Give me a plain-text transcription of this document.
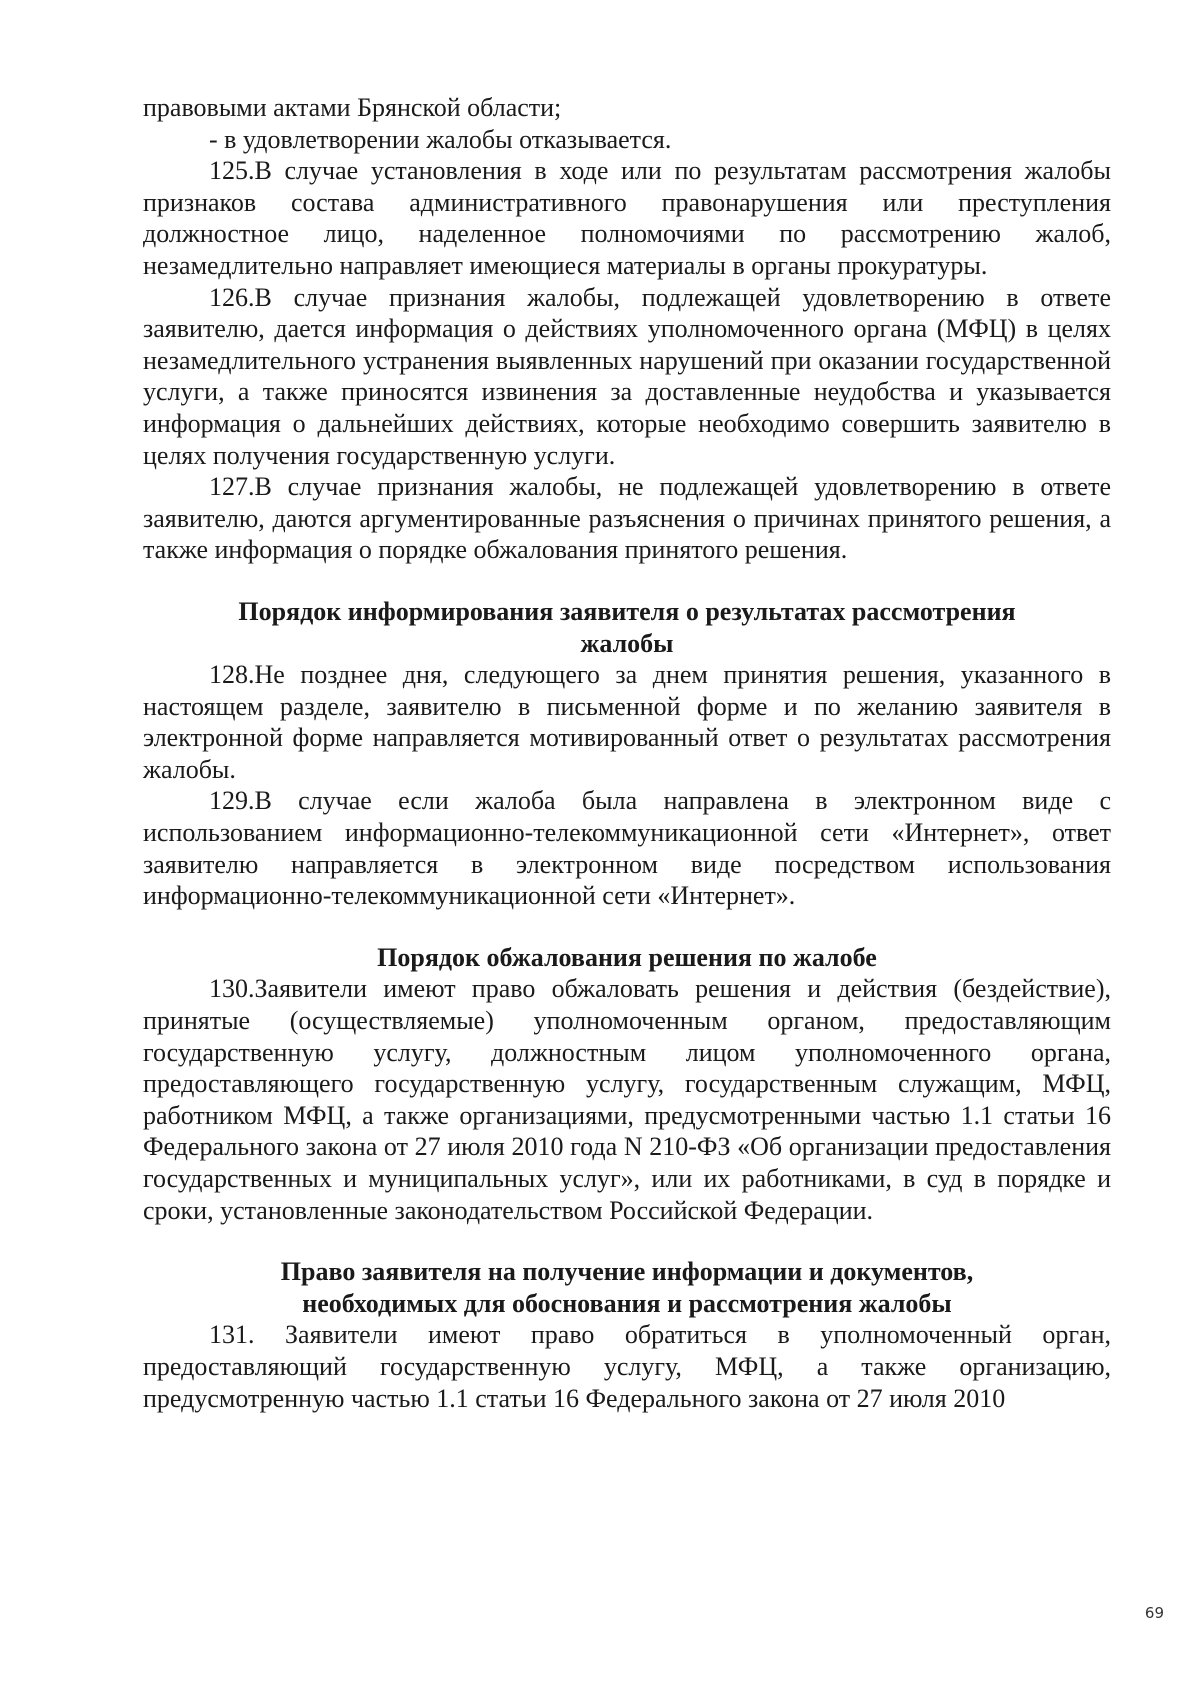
правовыми актами Брянской области;

- в удовлетворении жалобы отказывается.

125.В случае установления в ходе или по результатам рассмотрения жалобы признаков состава административного правонарушения или преступления должностное лицо, наделенное полномочиями по рассмотрению жалоб, незамедлительно направляет имеющиеся материалы в органы прокуратуры.

126.В случае признания жалобы, подлежащей удовлетворению в ответе заявителю, дается информация о действиях уполномоченного органа (МФЦ) в целях незамедлительного устранения выявленных нарушений при оказании государственной услуги, а также приносятся извинения за доставленные неудобства и указывается информация о дальнейших действиях, которые необходимо совершить заявителю в целях получения государственную услуги.

127.В случае признания жалобы, не подлежащей удовлетворению в ответе заявителю, даются аргументированные разъяснения о причинах принятого решения, а также информация о порядке обжалования принятого решения.

Порядок информирования заявителя о результатах рассмотрения
жалобы

128.Не позднее дня, следующего за днем принятия решения, указанного в настоящем разделе, заявителю в письменной форме и по желанию заявителя в электронной форме направляется мотивированный ответ о результатах рассмотрения жалобы.

129.В случае если жалоба была направлена в электронном виде с использованием информационно-телекоммуникационной сети «Интернет», ответ заявителю направляется в электронном виде посредством использования информационно-телекоммуникационной сети «Интернет».

Порядок обжалования решения по жалобе

130.Заявители имеют право обжаловать решения и действия (бездействие), принятые (осуществляемые) уполномоченным органом, предоставляющим государственную услугу, должностным лицом уполномоченного органа, предоставляющего государственную услугу, государственным служащим, МФЦ, работником МФЦ, а также организациями, предусмотренными частью 1.1 статьи 16 Федерального закона от 27 июля 2010 года N 210-ФЗ «Об организации предоставления государственных и муниципальных услуг», или их работниками, в суд в порядке и сроки, установленные законодательством Российской Федерации.

Право заявителя на получение информации и документов,
необходимых для обоснования и рассмотрения жалобы

131. Заявители имеют право обратиться в уполномоченный орган, предоставляющий государственную услугу, МФЦ, а также организацию, предусмотренную частью 1.1 статьи 16 Федерального закона от 27 июля 2010

69
